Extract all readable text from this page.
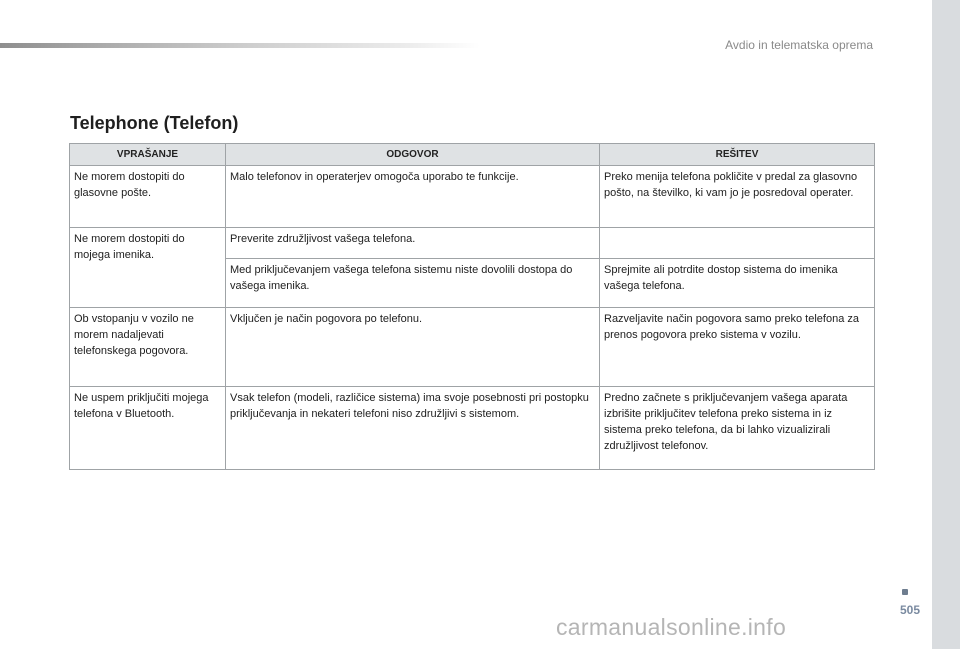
Avdio in telematska oprema
Telephone (Telefon)
VPRAŠANJE	ODGOVOR	REŠITEV
Ne morem dostopiti do glasovne pošte.	Malo telefonov in operaterjev omogoča uporabo te funkcije.	Preko menija telefona pokličite v predal za glasovno pošto, na številko, ki vam jo je posredoval operater.
Ne morem dostopiti do mojega imenika.	Preverite združljivost vašega telefona.	
	Med priključevanjem vašega telefona sistemu niste dovolili dostopa do vašega imenika.	Sprejmite ali potrdite dostop sistema do imenika vašega telefona.
Ob vstopanju v vozilo ne morem nadaljevati telefonskega pogovora.	Vključen je način pogovora po telefonu.	Razveljavite način pogovora samo preko telefona za prenos pogovora preko sistema v vozilu.
Ne uspem priključiti mojega telefona v Bluetooth.	Vsak telefon (modeli, različice sistema) ima svoje posebnosti pri postopku priključevanja in nekateri telefoni niso združljivi s sistemom.	Predno začnete s priključevanjem vašega aparata izbrišite priključitev telefona preko sistema in iz sistema preko telefona, da bi lahko vizualizirali združljivost telefonov.
505
carmanualsonline.info
